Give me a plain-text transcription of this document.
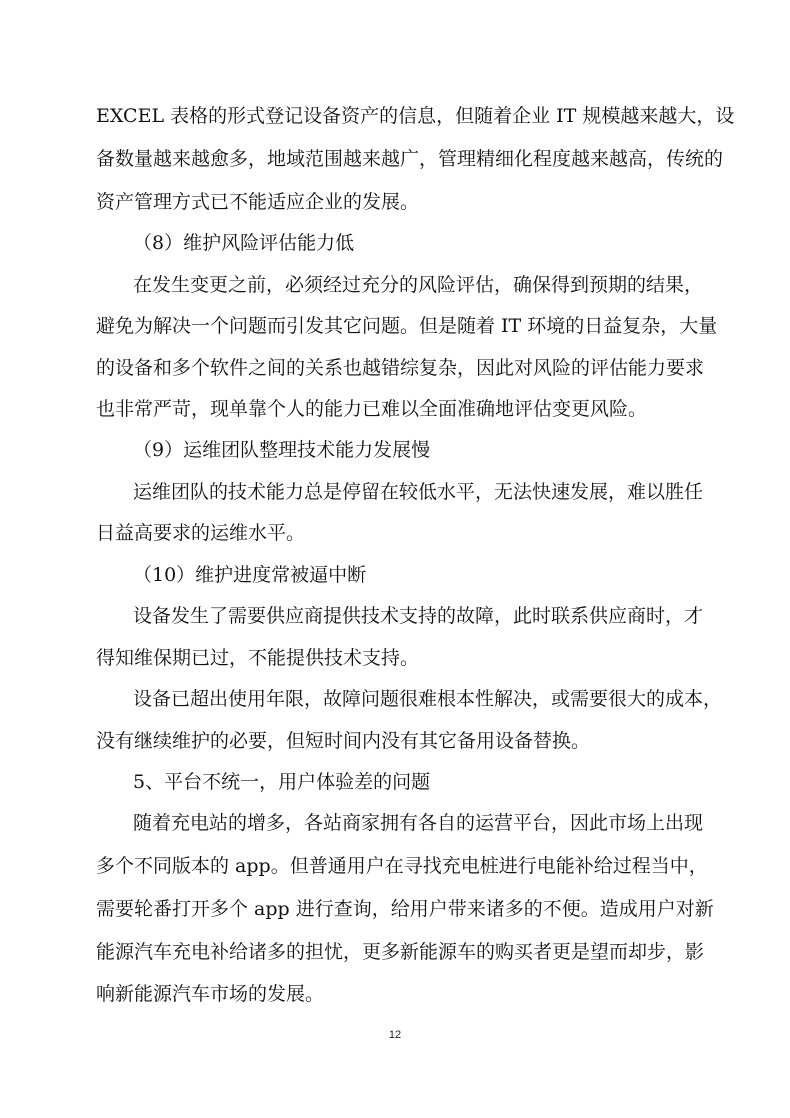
EXCEL 表格的形式登记设备资产的信息，但随着企业 IT 规模越来越大，设
备数量越来越愈多，地域范围越来越广，管理精细化程度越来越高，传统的
资产管理方式已不能适应企业的发展。
（8）维护风险评估能力低
在发生变更之前，必须经过充分的风险评估，确保得到预期的结果，
避免为解决一个问题而引发其它问题。但是随着 IT 环境的日益复杂，大量
的设备和多个软件之间的关系也越错综复杂，因此对风险的评估能力要求
也非常严苛，现单靠个人的能力已难以全面准确地评估变更风险。
（9）运维团队整理技术能力发展慢
运维团队的技术能力总是停留在较低水平，无法快速发展，难以胜任
日益高要求的运维水平。
（10）维护进度常被逼中断
设备发生了需要供应商提供技术支持的故障，此时联系供应商时，才
得知维保期已过，不能提供技术支持。
设备已超出使用年限，故障问题很难根本性解决，或需要很大的成本，
没有继续维护的必要，但短时间内没有其它备用设备替换。
5、平台不统一，用户体验差的问题
随着充电站的增多，各站商家拥有各自的运营平台，因此市场上出现
多个不同版本的 app。但普通用户在寻找充电桩进行电能补给过程当中，
需要轮番打开多个 app 进行查询，给用户带来诸多的不便。造成用户对新
能源汽车充电补给诸多的担忧，更多新能源车的购买者更是望而却步，影
响新能源汽车市场的发展。
12
